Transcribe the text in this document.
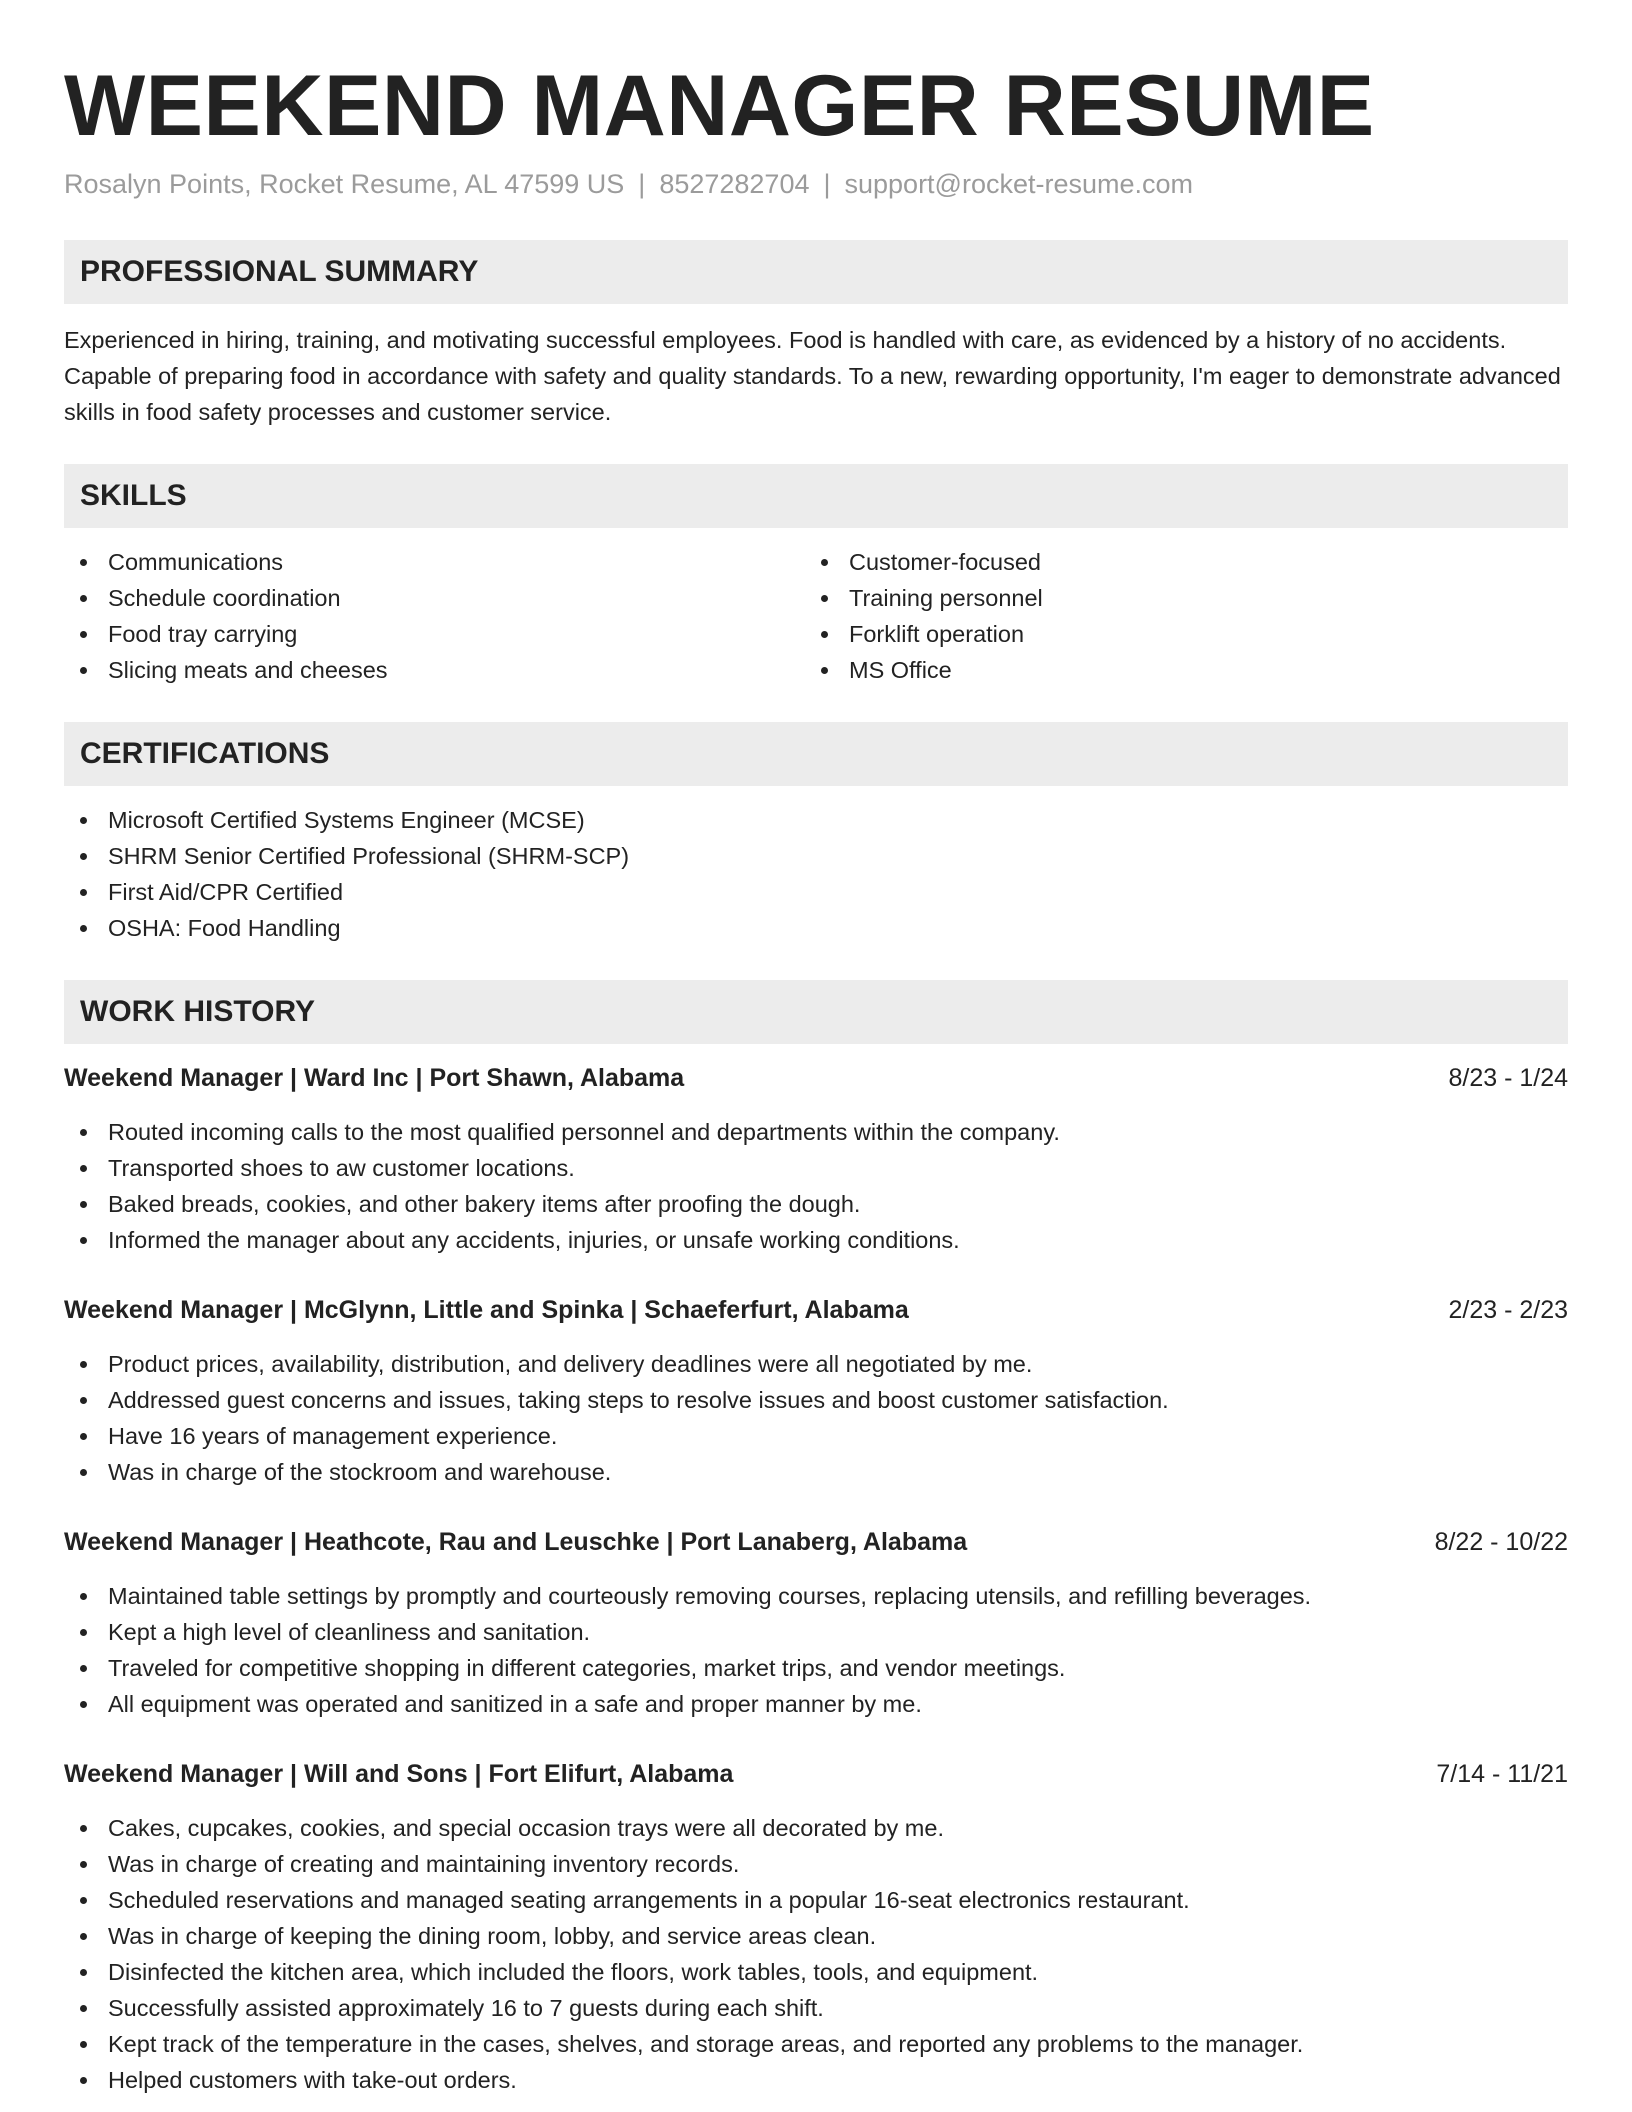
WEEKEND MANAGER RESUME
Rosalyn Points, Rocket Resume, AL 47599 US | 8527282704 | support@rocket-resume.com
PROFESSIONAL SUMMARY

Experienced in hiring, training, and motivating successful employees. Food is handled with care, as evidenced by a history of no accidents. Capable of preparing food in accordance with safety and quality standards. To a new, rewarding opportunity, I'm eager to demonstrate advanced skills in food safety processes and customer service.

SKILLS
Communications
Schedule coordination
Food tray carrying
Slicing meats and cheeses
Customer-focused
Training personnel
Forklift operation
MS Office
CERTIFICATIONS
Microsoft Certified Systems Engineer (MCSE)
SHRM Senior Certified Professional (SHRM-SCP)
First Aid/CPR Certified
OSHA: Food Handling
WORK HISTORY
Weekend Manager | Ward Inc | Port Shawn, Alabama	8/23 - 1/24
Routed incoming calls to the most qualified personnel and departments within the company.
Transported shoes to aw customer locations.
Baked breads, cookies, and other bakery items after proofing the dough.
Informed the manager about any accidents, injuries, or unsafe working conditions.
Weekend Manager | McGlynn, Little and Spinka | Schaeferfurt, Alabama	2/23 - 2/23
Product prices, availability, distribution, and delivery deadlines were all negotiated by me.
Addressed guest concerns and issues, taking steps to resolve issues and boost customer satisfaction.
Have 16 years of management experience.
Was in charge of the stockroom and warehouse.
Weekend Manager | Heathcote, Rau and Leuschke | Port Lanaberg, Alabama	8/22 - 10/22
Maintained table settings by promptly and courteously removing courses, replacing utensils, and refilling beverages.
Kept a high level of cleanliness and sanitation.
Traveled for competitive shopping in different categories, market trips, and vendor meetings.
All equipment was operated and sanitized in a safe and proper manner by me.
Weekend Manager | Will and Sons | Fort Elifurt, Alabama	7/14 - 11/21
Cakes, cupcakes, cookies, and special occasion trays were all decorated by me.
Was in charge of creating and maintaining inventory records.
Scheduled reservations and managed seating arrangements in a popular 16-seat electronics restaurant.
Was in charge of keeping the dining room, lobby, and service areas clean.
Disinfected the kitchen area, which included the floors, work tables, tools, and equipment.
Successfully assisted approximately 16 to 7 guests during each shift.
Kept track of the temperature in the cases, shelves, and storage areas, and reported any problems to the manager.
Helped customers with take-out orders.
